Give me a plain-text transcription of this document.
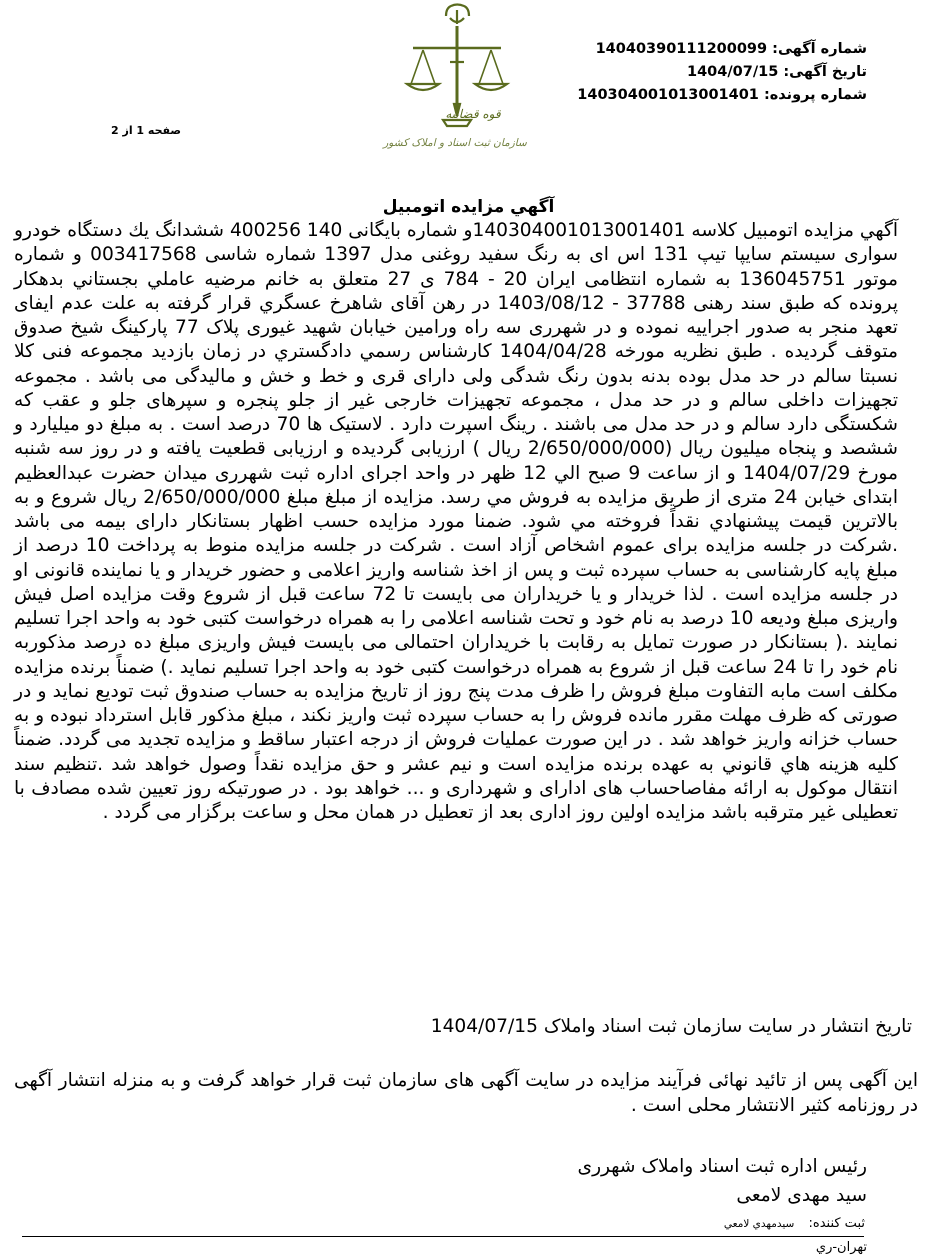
شماره آگهی: 14040390111200099
تاریخ آگهی: 1404/07/15
شماره پرونده: 140304001013001401
قوه قضاییه
سازمان ثبت اسناد و املاک کشور
صفحه 1 از 2
آگهي مزايده اتومبيل

آگهي مزايده اتومبيل كلاسه 140304001013001401و شماره بایگانی 140 400256 ششدانگ يك دستگاه خودرو سواری سیستم سایپا تیپ 131 اس ای به رنگ سفید روغنی مدل 1397 شماره شاسی 003417568 و شماره موتور 136045751 به شماره انتظامی ایران 20 - 784 ی 27 متعلق به خانم مرضیه عاملي بجستاني بدهکار پرونده که طبق سند رهنی 37788 - 1403/08/12 در رهن آقای شاهرخ عسگري قرار گرفته به علت عدم ایفای تعهد منجر به صدور اجراییه نموده و در شهرری سه راه ورامین خیابان شهید غیوری پلاک 77 پارکینگ شیخ صدوق متوقف گردیده . طبق نظریه مورخه 1404/04/28 كارشناس رسمي دادگستري در زمان بازديد مجموعه فنی کلا نسبتا سالم در حد مدل بوده بدنه بدون رنگ شدگی ولی دارای قری و خط و خش و مالیدگی می باشد . مجموعه تجهیزات داخلی سالم و در حد مدل ، مجموعه تجهیزات خارجی غیر از جلو پنجره و سپرهای جلو و عقب که شکستگی دارد سالم و در حد مدل می باشند . رینگ اسپرت دارد . لاستیک ها 70 درصد است . به مبلغ دو میلیارد و ششصد و پنجاه میلیون ریال (2/650/000/000 ریال ) ارزیابی گردیده و ارزیابی قطعیت یافته و در روز سه شنبه مورخ 1404/07/29 و از ساعت 9 صبح الي 12 ظهر در واحد اجرای اداره ثبت شهرری میدان حضرت عبدالعظیم ابتدای خیابن 24 متری از طريق مزايده به فروش مي رسد. مزايده از مبلغ مبلغ 2/650/000/000 ريال شروع و به بالاترين قيمت پيشنهادي نقداً فروخته مي شود. ضمنا مورد مزایده حسب اظهار بستانکار دارای بیمه می باشد .شرکت در جلسه مزایده برای عموم اشخاص آزاد است . شرکت در جلسه مزایده منوط به پرداخت 10 درصد از مبلغ پایه کارشناسی به حساب سپرده ثبت و پس از اخذ شناسه واریز اعلامی و حضور خریدار و یا نماینده قانونی او در جلسه مزایده است . لذا خریدار و یا خریداران می بایست تا 72 ساعت قبل از شروع وقت مزایده اصل فیش واریزی مبلغ ودیعه 10 درصد به نام خود و تحت شناسه اعلامی را به همراه درخواست کتبی خود به واحد اجرا تسلیم نمایند .( بستانکار در صورت تمایل به رقابت با خریداران احتمالی می بایست فیش واریزی مبلغ ده درصد مذکوربه نام خود را تا 24 ساعت قبل از شروع به همراه درخواست کتبی خود به واحد اجرا تسلیم نماید .) ضمناً برنده مزايده مكلف است مابه التفاوت مبلغ فروش را ظرف مدت پنج روز از تاریخ مزایده به حساب صندوق ثبت تودیع نماید و در صورتی که ظرف مهلت مقرر مانده فروش را به حساب سپرده ثبت واریز نکند ، مبلغ مذکور قابل استرداد نبوده و به حساب خزانه واریز خواهد شد . در این صورت عملیات فروش از درجه اعتبار ساقط و مزایده تجدید می گردد. ضمناً كليه هزينه هاي قانوني به عهده برنده مزايده است و نيم عشر و حق مزايده نقداً وصول خواهد شد .تنظیم سند انتقال موکول به ارائه مفاصاحساب های ادارای و شهرداری و ... خواهد بود . در صورتیکه روز تعیین شده مصادف با تعطیلی غیر مترقبه باشد مزایده اولین روز اداری بعد از تعطیل در همان محل و ساعت برگزار می گردد .

تاریخ انتشار در سایت سازمان ثبت اسناد واملاک 1404/07/15
این آگهی پس از تائید نهائی فرآیند مزایده در سایت آگهی های سازمان ثبت قرار خواهد گرفت و به منزله انتشار آگهی در روزنامه کثیر الانتشار محلی است .
رئیس اداره ثبت اسناد واملاک شهرری
سید مهدی لامعی
ثبت کننده: سیدمهدي لامعي
تهران-ري
